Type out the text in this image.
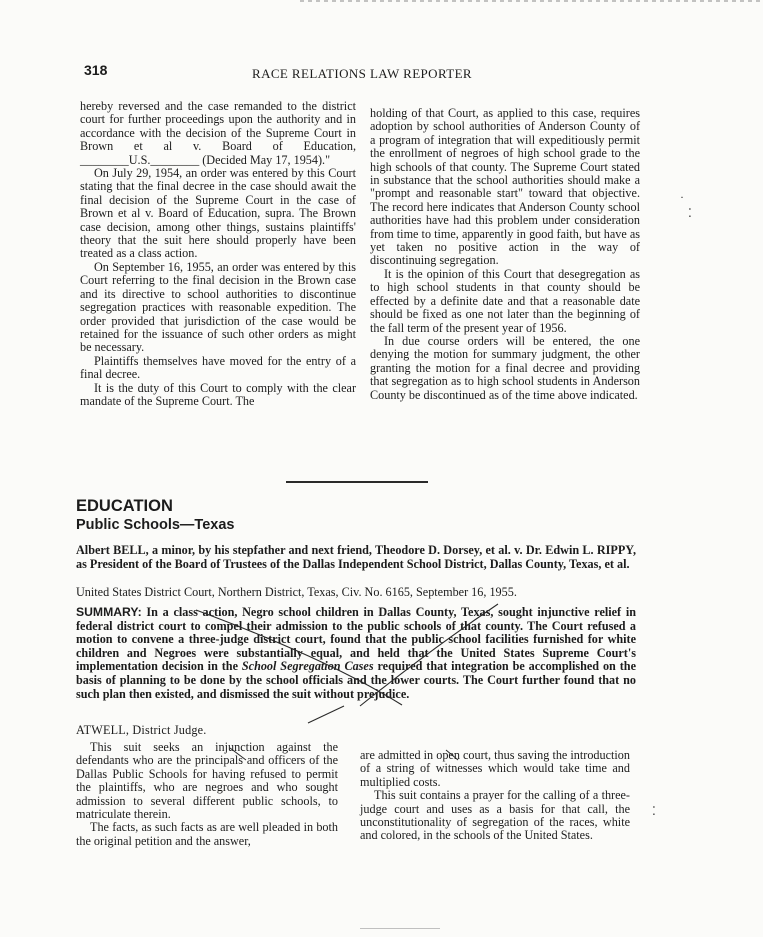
318	RACE RELATIONS LAW REPORTER

hereby reversed and the case remanded to the district court for further proceedings upon the authority and in accordance with the decision of the Supreme Court in Brown et al v. Board of Education, ________U.S.________ (Decided May 17, 1954)."

On July 29, 1954, an order was entered by this Court stating that the final decree in the case should await the final decision of the Supreme Court in the case of Brown et al v. Board of Education, supra. The Brown case decision, among other things, sustains plaintiffs' theory that the suit here should properly have been treated as a class action.

On September 16, 1955, an order was entered by this Court referring to the final decision in the Brown case and its directive to school authorities to discontinue segregation practices with reasonable expedition. The order provided that jurisdiction of the case would be retained for the issuance of such other orders as might be necessary.

Plaintiffs themselves have moved for the entry of a final decree.

It is the duty of this Court to comply with the clear mandate of the Supreme Court. The

holding of that Court, as applied to this case, requires adoption by school authorities of Anderson County of a program of integration that will expeditiously permit the enrollment of negroes of high school grade to the high schools of that county. The Supreme Court stated in substance that the school authorities should make a "prompt and reasonable start" toward that objective. The record here indicates that Anderson County school authorities have had this problem under consideration from time to time, apparently in good faith, but have as yet taken no positive action in the way of discontinuing segregation.

It is the opinion of this Court that desegregation as to high school students in that county should be effected by a definite date and that a reasonable date should be fixed as one not later than the beginning of the fall term of the present year of 1956.

In due course orders will be entered, the one denying the motion for summary judgment, the other granting the motion for a final decree and providing that segregation as to high school students in Anderson County be discontinued as of the time above indicated.

EDUCATION
Public Schools—Texas
Albert BELL, a minor, by his stepfather and next friend, Theodore D. Dorsey, et al. v. Dr. Edwin L. RIPPY, as President of the Board of Trustees of the Dallas Independent School District, Dallas County, Texas, et al.
United States District Court, Northern District, Texas, Civ. No. 6165, September 16, 1955.
SUMMARY: In a class action, Negro school children in Dallas County, Texas, sought injunctive relief in federal district court to compel their admission to the public schools of that county. The Court refused a motion to convene a three-judge district court, found that the public school facilities furnished for white children and Negroes were substantially equal, and held that the United States Supreme Court's implementation decision in the School Segregation Cases required that integration be accomplished on the basis of planning to be done by the school officials and the lower courts. The Court further found that no such plan then existed, and dismissed the suit without prejudice.
ATWELL, District Judge.

This suit seeks an injunction against the defendants who are the principals and officers of the Dallas Public Schools for having refused to permit the plaintiffs, who are negroes and who sought admission to several different public schools, to matriculate therein.

The facts, as such facts as are well pleaded in both the original petition and the answer,

are admitted in open court, thus saving the introduction of a string of witnesses which would take time and multiplied costs.

This suit contains a prayer for the calling of a three-judge court and uses as a basis for that call, the unconstitutionality of segregation of the races, white and colored, in the schools of the United States.

·
⁚
⁚
